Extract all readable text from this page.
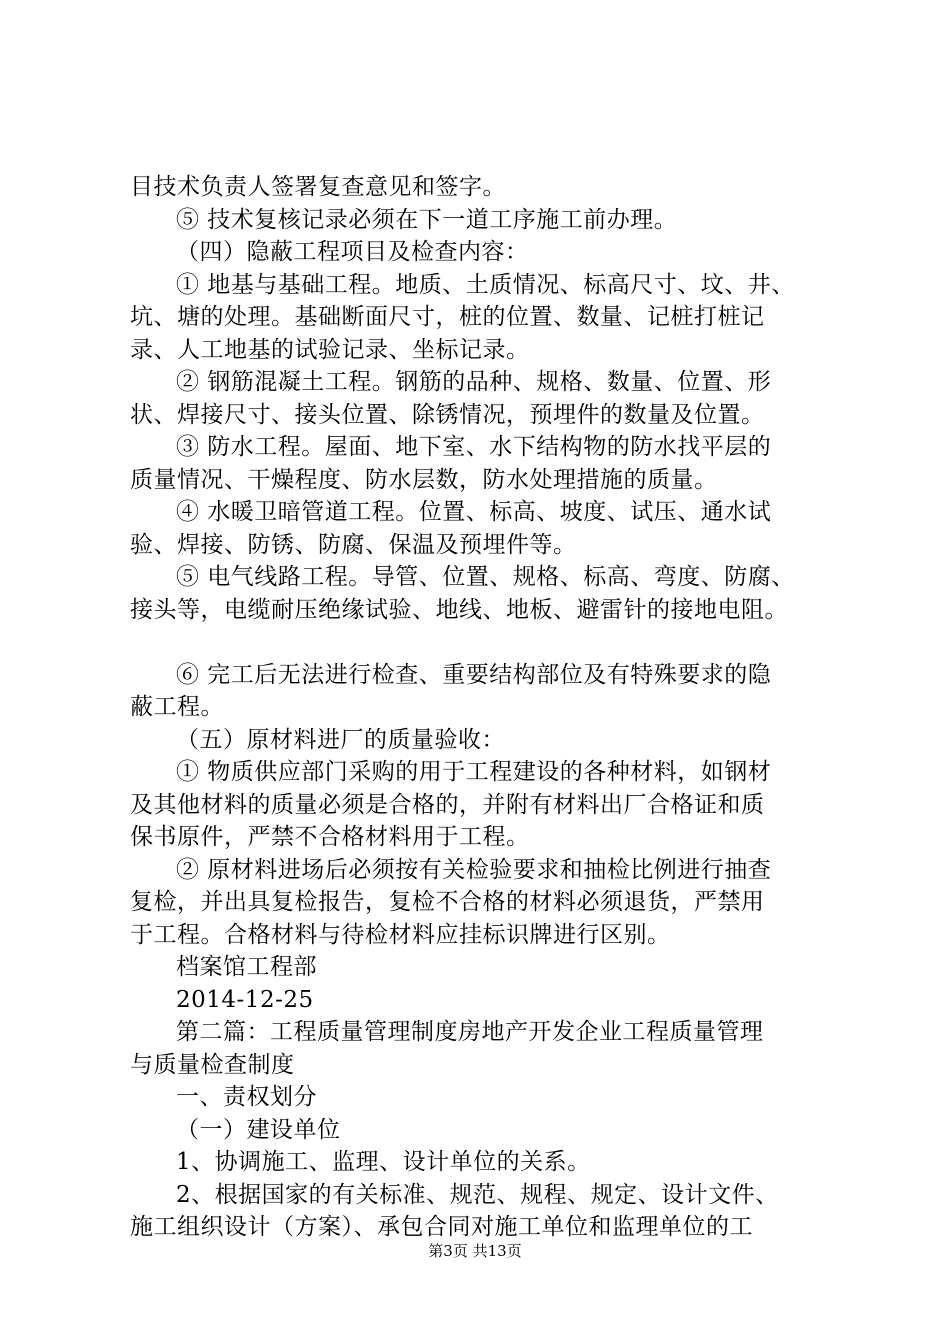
目技术负责人签署复查意见和签字。
⑤ 技术复核记录必须在下一道工序施工前办理。
（四）隐蔽工程项目及检查内容：
① 地基与基础工程。地质、土质情况、标高尺寸、坟、井、
坑、塘的处理。基础断面尺寸，桩的位置、数量、记桩打桩记
录、人工地基的试验记录、坐标记录。
② 钢筋混凝土工程。钢筋的品种、规格、数量、位置、形
状、焊接尺寸、接头位置、除锈情况，预埋件的数量及位置。
③ 防水工程。屋面、地下室、水下结构物的防水找平层的
质量情况、干燥程度、防水层数，防水处理措施的质量。
④ 水暖卫暗管道工程。位置、标高、坡度、试压、通水试
验、焊接、防锈、防腐、保温及预埋件等。
⑤ 电气线路工程。导管、位置、规格、标高、弯度、防腐、
接头等，电缆耐压绝缘试验、地线、地板、避雷针的接地电阻。
⑥ 完工后无法进行检查、重要结构部位及有特殊要求的隐
蔽工程。
（五）原材料进厂的质量验收：
① 物质供应部门采购的用于工程建设的各种材料，如钢材
及其他材料的质量必须是合格的，并附有材料出厂合格证和质
保书原件，严禁不合格材料用于工程。
② 原材料进场后必须按有关检验要求和抽检比例进行抽查
复检，并出具复检报告，复检不合格的材料必须退货，严禁用
于工程。合格材料与待检材料应挂标识牌进行区别。
档案馆工程部
2014-12-25
第二篇：工程质量管理制度房地产开发企业工程质量管理
与质量检查制度
一、责权划分
（一）建设单位
1、协调施工、监理、设计单位的关系。
2、根据国家的有关标准、规范、规程、规定、设计文件、
施工组织设计（方案）、承包合同对施工单位和监理单位的工
第3页 共13页
